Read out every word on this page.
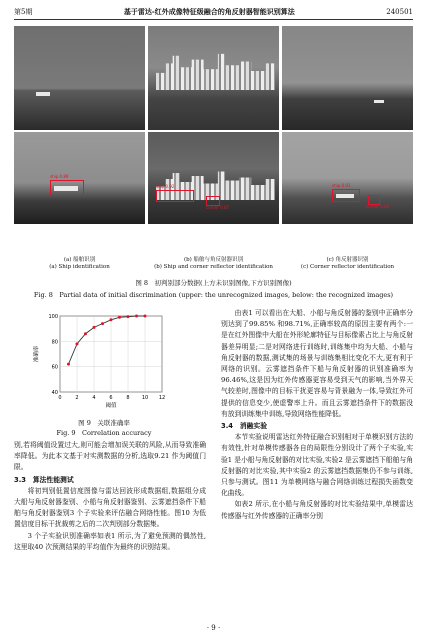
第5期	基于雷达-红外成像特征级融合的角反射器智能识别算法	240501
ship 0.89
ship 0.92
corner 0.87
ship 0.91
corner 0.88
(a) 船舶识别
(a) Ship identification
(b) 船舶与角反射器识别
(b) Ship and corner reflector identification
(c) 角反射器识别
(c) Corner reflector identification
图 8　初判别部分数据(上方未识别图像,下方识别图像)
Fig. 8　Partial data of initial discrimination (upper: the unrecognized images, below: the recognized images)
40
60
80
100
0	2	4	6	8 10 12
阈值
准确率
图 9　关联准确率
Fig. 9　Correlation accuracy
别,若将阈值设置过大,则可能会增加误关联的风险,从而导致准确率降低。为此本文基于对实测数据的分析,选取9.21 作为阈值门限。
3.3　算法性能测试
将初判别低置信度图像与雷达回波形成数据组,数据组分成大船与角反射器鉴别、小船与角反射器鉴别、云雾遮挡条件下船舶与角反射器鉴别3 个子实验来评估融合网络性能。图10 为低置信度目标干扰裁剪之后的二次判别部分数据集。
3 个子实验识别准确率如表1 所示,为了避免预测的偶然性,这里取40 次预测结果的平均值作为最终的识别结果。
由表1 可以看出在大船、小船与角反射器的鉴别中正确率分别达到了99.85% 和98.71%,正确率较高的原因主要有两个:一是在红外图像中大船在外形轮廓特征与目标像素占比上与角反射器差异明显;二是对网络进行训练时,训练集中均为大船、小船与角反射器的数据,测试集的场景与训练集相比变化不大,更有利于网络的识别。云雾遮挡条件下船与角反射器的识别准确率为96.46%,这是因为红外传感器更容易受到天气的影响,当外界天气较差时,图像中的目标干扰更容易与背景融为一体,导致红外可提供的信息变少,使虚警率上升。而且云雾遮挡条件下的数据没有放到训练集中训练,导致网络性能降低。
3.4　消融实验
本节实验说明雷达红外特征融合识别相对于单模识别方法的有效性,针对单模传感器各自的局限性分别设计了两个子实验,实验1 是小船与角反射器的对比实验,实验2 是云雾遮挡下船舶与角反射器的对比实验,其中实验2 的云雾遮挡数据集仍不参与训练,只参与测试。图11 为单模网络与融合网络训练过程损失函数变化曲线。
如表2 所示,在小船与角反射器的对比实验结果中,单模雷达传感器与红外传感器的正确率分别
· 9 ·
